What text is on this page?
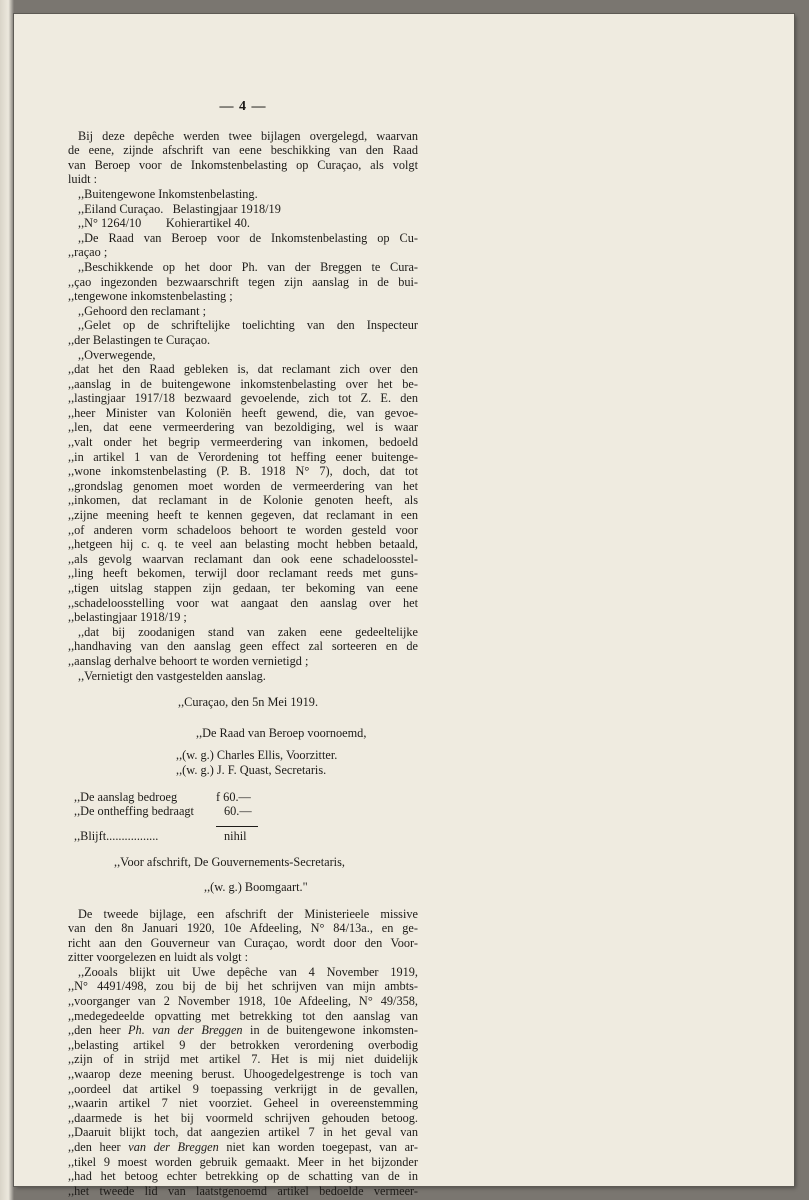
— 4 —
Bij deze depêche werden twee bijlagen overgelegd, waarvan
de eene, zijnde afschrift van eene beschikking van den Raad
van Beroep voor de Inkomstenbelasting op Curaçao, als volgt
luidt :
,,Buitengewone Inkomstenbelasting.
,,Eiland Curaçao.   Belastingjaar 1918/19
,,N° 1264/10        Kohierartikel 40.
,,De Raad van Beroep voor de Inkomstenbelasting op Cu-
,,raçao ;
,,Beschikkende op het door Ph. van der Breggen te Cura-
,,çao ingezonden bezwaarschrift tegen zijn aanslag in de bui-
,,tengewone inkomstenbelasting ;
,,Gehoord den reclamant ;
,,Gelet op de schriftelijke toelichting van den Inspecteur
,,der Belastingen te Curaçao.
,,Overwegende,
,,dat het den Raad gebleken is, dat reclamant zich over den
,,aanslag in de buitengewone inkomstenbelasting over het be-
,,lastingjaar 1917/18 bezwaard gevoelende, zich tot Z. E. den
,,heer Minister van Koloniën heeft gewend, die, van gevoe-
,,len, dat eene vermeerdering van bezoldiging, wel is waar
,,valt onder het begrip vermeerdering van inkomen, bedoeld
,,in artikel 1 van de Verordening tot heffing eener buitenge-
,,wone inkomstenbelasting (P. B. 1918 N° 7), doch, dat tot
,,grondslag genomen moet worden de vermeerdering van het
,,inkomen, dat reclamant in de Kolonie genoten heeft, als
,,zijne meening heeft te kennen gegeven, dat reclamant in een
,,of anderen vorm schadeloos behoort te worden gesteld voor
,,hetgeen hij c. q. te veel aan belasting mocht hebben betaald,
,,als gevolg waarvan reclamant dan ook eene schadeloosstel-
,,ling heeft bekomen, terwijl door reclamant reeds met guns-
,,tigen uitslag stappen zijn gedaan, ter bekoming van eene
,,schadeloosstelling voor wat aangaat den aanslag over het
,,belastingjaar 1918/19 ;
,,dat bij zoodanigen stand van zaken eene gedeeltelijke
,,handhaving van den aanslag geen effect zal sorteeren en de
,,aanslag derhalve behoort te worden vernietigd ;
,,Vernietigt den vastgestelden aanslag.
,,Curaçao, den 5n Mei 1919.
,,De Raad van Beroep voornoemd,
,,(w. g.) Charles Ellis, Voorzitter.
,,(w. g.) J. F. Quast, Secretaris.
,,De aanslag bedroeg	f 60.—
,,De ontheffing bedraagt	60.—
,,Blijft.................	nihil
,,Voor afschrift, De Gouvernements-Secretaris,
,,(w. g.) Boomgaart."
De tweede bijlage, een afschrift der Ministerieele missive
van den 8n Januari 1920, 10e Afdeeling, N° 84/13a., en ge-
richt aan den Gouverneur van Curaçao, wordt door den Voor-
zitter voorgelezen en luidt als volgt :
,,Zooals blijkt uit Uwe depêche van 4 November 1919,
,,N° 4491/498, zou bij de bij het schrijven van mijn ambts-
,,voorganger van 2 November 1918, 10e Afdeeling, N° 49/358,
,,medegedeelde opvatting met betrekking tot den aanslag van
,,den heer Ph. van der Breggen in de buitengewone inkomsten-
,,belasting artikel 9 der betrokken verordening overbodig
,,zijn of in strijd met artikel 7. Het is mij niet duidelijk
,,waarop deze meening berust. Uhoogedelgestrenge is toch van
,,oordeel dat artikel 9 toepassing verkrijgt in de gevallen,
,,waarin artikel 7 niet voorziet. Geheel in overeenstemming
,,daarmede is het bij voormeld schrijven gehouden betoog.
,,Daaruit blijkt toch, dat aangezien artikel 7 in het geval van
,,den heer van der Breggen niet kan worden toegepast, van ar-
,,tikel 9 moest worden gebruik gemaakt. Meer in het bijzonder
,,had het betoog echter betrekking op de schatting van de in
,,het tweede lid van laatstgenoemd artikel bedoelde vermeer-
